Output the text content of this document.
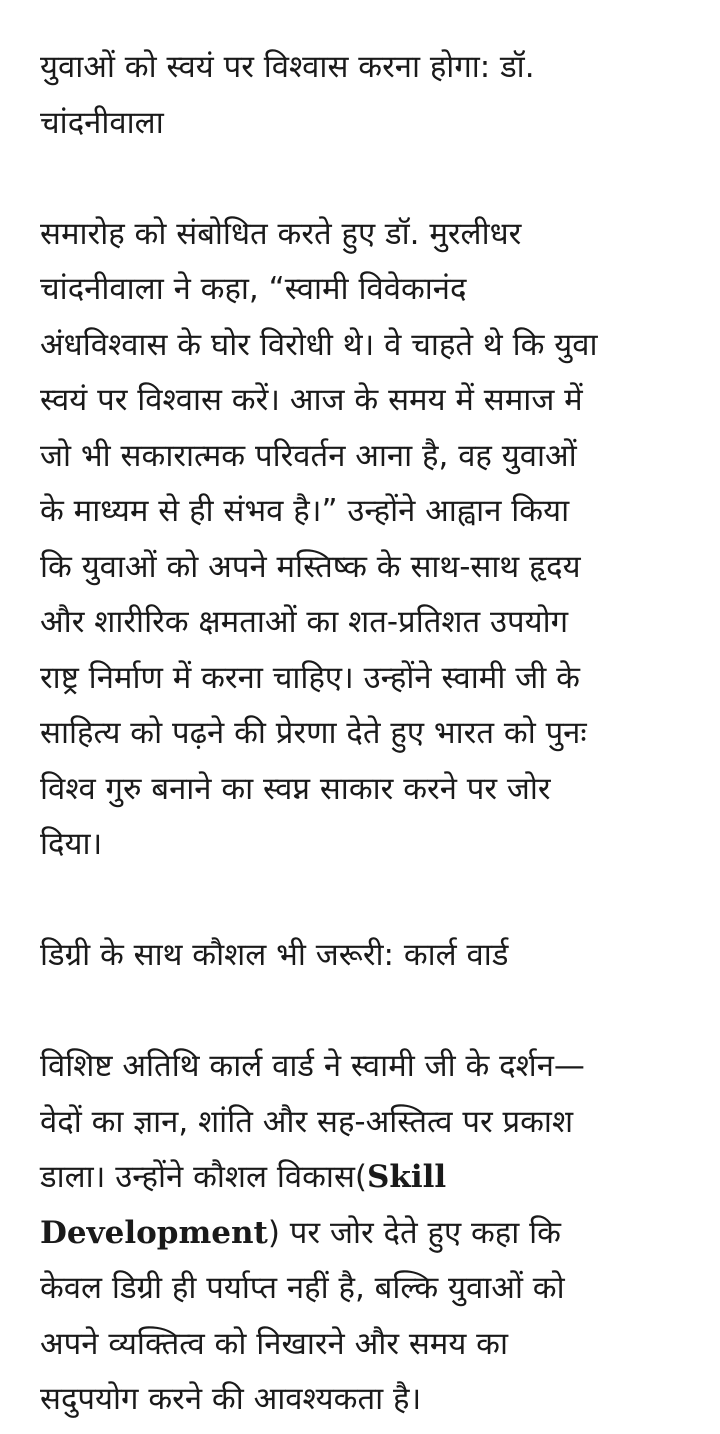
युवाओं को स्वयं पर विश्वास करना होगा: डॉ.
चांदनीवाला
समारोह को संबोधित करते हुए डॉ. मुरलीधर
चांदनीवाला ने कहा, “स्वामी विवेकानंद
अंधविश्वास के घोर विरोधी थे। वे चाहते थे कि युवा
स्वयं पर विश्वास करें। आज के समय में समाज में
जो भी सकारात्मक परिवर्तन आना है, वह युवाओं
के माध्यम से ही संभव है।” उन्होंने आह्वान किया
कि युवाओं को अपने मस्तिष्क के साथ-साथ हृदय
और शारीरिक क्षमताओं का शत-प्रतिशत उपयोग
राष्ट्र निर्माण में करना चाहिए। उन्होंने स्वामी जी के
साहित्य को पढ़ने की प्रेरणा देते हुए भारत को पुनः
विश्व गुरु बनाने का स्वप्न साकार करने पर जोर
दिया।
डिग्री के साथ कौशल भी जरूरी: कार्ल वार्ड
विशिष्ट अतिथि कार्ल वार्ड ने स्वामी जी के दर्शन—
वेदों का ज्ञान, शांति और सह-अस्तित्व पर प्रकाश
डाला। उन्होंने कौशल विकास(Skill
Development) पर जोर देते हुए कहा कि
केवल डिग्री ही पर्याप्त नहीं है, बल्कि युवाओं को
अपने व्यक्तित्व को निखारने और समय का
सदुपयोग करने की आवश्यकता है।
